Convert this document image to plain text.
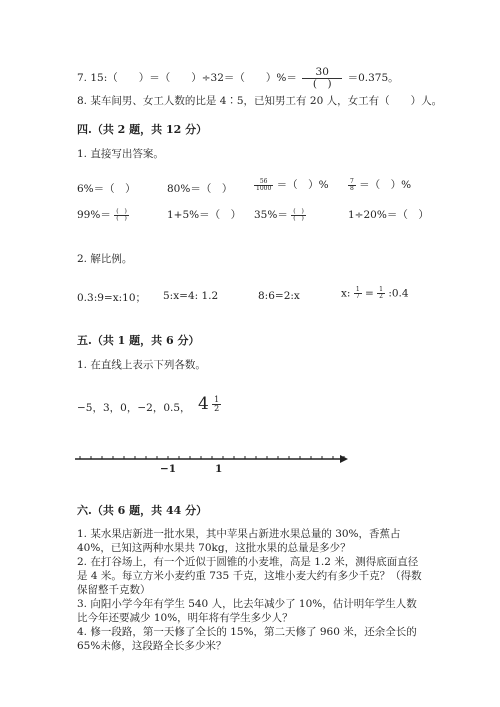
7. 15:（　　）＝（　　）÷32＝（　　）%＝ $\frac{30}{( )} =0.375$。
8. 某车间男、女工人数的比是 4∶5，已知男工有 20 人，女工有（　　）人。
四.（共 2 题，共 12 分）
1. 直接写出答案。
6%＝（　）	80%＝（　）	$\frac{56}{1000}$ ＝（　）%	$\frac{7}{8}$ ＝（　）%
$99\%= \frac{( )}{( )}$	1+5%＝（　） $35\%= \frac{( )}{( )}$	1÷20%＝（　）
2. 解比例。
0.3:9=x:10； 5:x=4: 1.2	8:6=2:x	x: $\frac{1}{7} = \frac{1}{2}$ :0.4
五.（共 1 题，共 6 分）
1. 在直线上表示下列各数。
−5，3，0，−2，0.5， $4 \frac{1}{2}$
−1	1
六.（共 6 题，共 44 分）
1. 某水果店新进一批水果，其中苹果占新进水果总量的 30%，香蕉占 40%，已知这两种水果共 70kg，这批水果的总量是多少？
2. 在打谷场上，有一个近似于圆锥的小麦堆，高是 1.2 米，测得底面直径是 4 米。每立方米小麦约重 735 千克，这堆小麦大约有多少千克？（得数保留整千克数）
3. 向阳小学今年有学生 540 人，比去年减少了 10%，估计明年学生人数比今年还要减少 10%，明年将有学生多少人？
4. 修一段路，第一天修了全长的 15%，第二天修了 960 米，还余全长的 65%未修，这段路全长多少米？
